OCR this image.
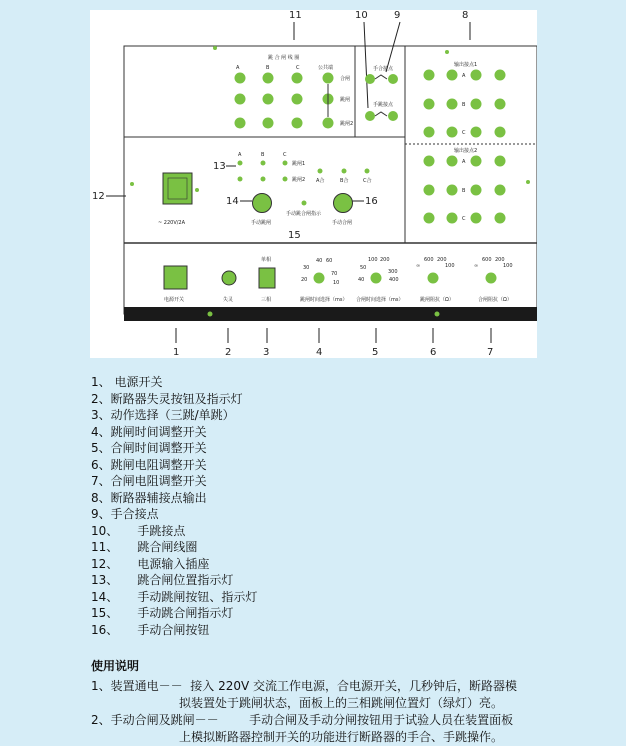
11	10	9	8
跳 合 闸 线 圈
A	B	C	公共端
合闸
跳闸
跳闸2
手合接点
手跳接点
输出接点1
B
A
C
输出接点2
A
B
C
12
13
14
15
16
~ 220V/2A
A	B	C
跳闸1
跳闸2 A合	B合	C合
手动跳闸
手动跳合闸指示
手动合闸
电源开关	失灵
单相
三相	跳闸时间选择（ms）
40 60
30
20
70
10
合闸时间选择（ms）
100 200
50
300
40	400
跳闸阻抗（Ω）
600 200
100
∞
合闸阻抗（Ω）
600 200
100
∞
1	2	3	4	5	6	7
1、 电源开关
2、断路器失灵按钮及指示灯
3、动作选择（三跳/单跳）
4、跳闸时间调整开关
5、合闸时间调整开关
6、跳闸电阻调整开关
7、合闸电阻调整开关
8、断路器辅接点输出
9、手合接点
10、     手跳接点
11、     跳合闸线圈
12、     电源输入插座
13、     跳合闸位置指示灯
14、     手动跳闸按钮、指示灯
15、     手动跳合闸指示灯
16、     手动合闸按钮
使用说明
1、装置通电－－  接入 220V 交流工作电源，合电源开关，几秒钟后，断路器模
拟装置处于跳闸状态，面板上的三相跳闸位置灯（绿灯）亮。
2、手动合闸及跳闸－－        手动合闸及手动分闸按钮用于试验人员在装置面板
上模拟断路器控制开关的功能进行断路器的手合、手跳操作。
